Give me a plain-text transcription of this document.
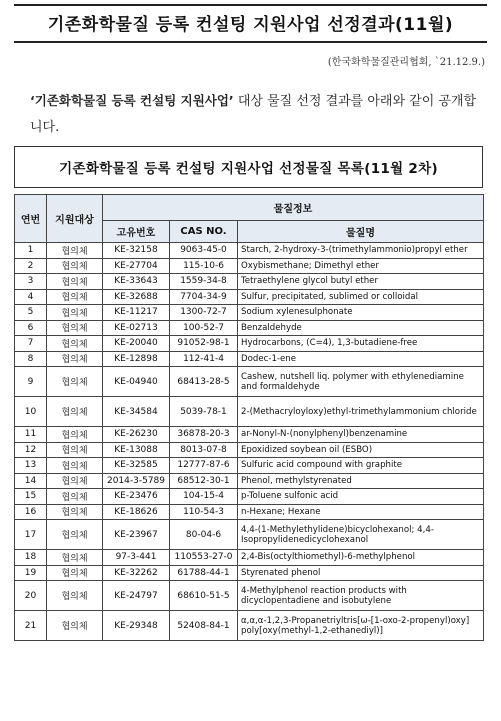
기존화학물질 등록 컨설팅 지원사업 선정결과(11월)
(한국화학물질관리협회, `21.12.9.)
‘기존화학물질 등록 컨설팅 지원사업’ 대상 물질 선정 결과를 아래와 같이 공개합니다.
기존화학물질 등록 컨설팅 지원사업 선정물질 목록(11월 2차)
연번	지원대상	물질정보		
		고유번호	CAS NO.	물질명
1	협의체	KE-32158	9063-45-0	Starch, 2-hydroxy-3-(trimethylammonio)propyl ether
2	협의체	KE-27704	115-10-6	Oxybismethane; Dimethyl ether
3	협의체	KE-33643	1559-34-8	Tetraethylene glycol butyl ether
4	협의체	KE-32688	7704-34-9	Sulfur, precipitated, sublimed or colloidal
5	협의체	KE-11217	1300-72-7	Sodium xylenesulphonate
6	협의체	KE-02713	100-52-7	Benzaldehyde
7	협의체	KE-20040	91052-98-1	Hydrocarbons, (C=4), 1,3-butadiene-free
8	협의체	KE-12898	112-41-4	Dodec-1-ene
9	협의체	KE-04940	68413-28-5	Cashew, nutshell liq. polymer with ethylenediamine and formaldehyde
10	협의체	KE-34584	5039-78-1	2-(Methacryloyloxy)ethyl-trimethylammonium chloride
11	협의체	KE-26230	36878-20-3	ar-Nonyl-N-(nonylphenyl)benzenamine
12	협의체	KE-13088	8013-07-8	Epoxidized soybean oil (ESBO)
13	협의체	KE-32585	12777-87-6	Sulfuric acid compound with graphite
14	협의체	2014-3-5789	68512-30-1	Phenol, methylstyrenated
15	협의체	KE-23476	104-15-4	p-Toluene sulfonic acid
16	협의체	KE-18626	110-54-3	n-Hexane; Hexane
17	협의체	KE-23967	80-04-6	4,4-(1-Methylethylidene)bicyclohexanol; 4,4-Isopropylidenedicyclohexanol
18	협의체	97-3-441	110553-27-0	2,4-Bis(octylthiomethyl)-6-methylphenol
19	협의체	KE-32262	61788-44-1	Styrenated phenol
20	협의체	KE-24797	68610-51-5	4-Methylphenol reaction products with dicyclopentadiene and isobutylene
21	협의체	KE-29348	52408-84-1	α,α,α-1,2,3-Propanetriyltris[ω-[1-oxo-2-propenyl)oxy] poly[oxy(methyl-1,2-ethanediyl)]
